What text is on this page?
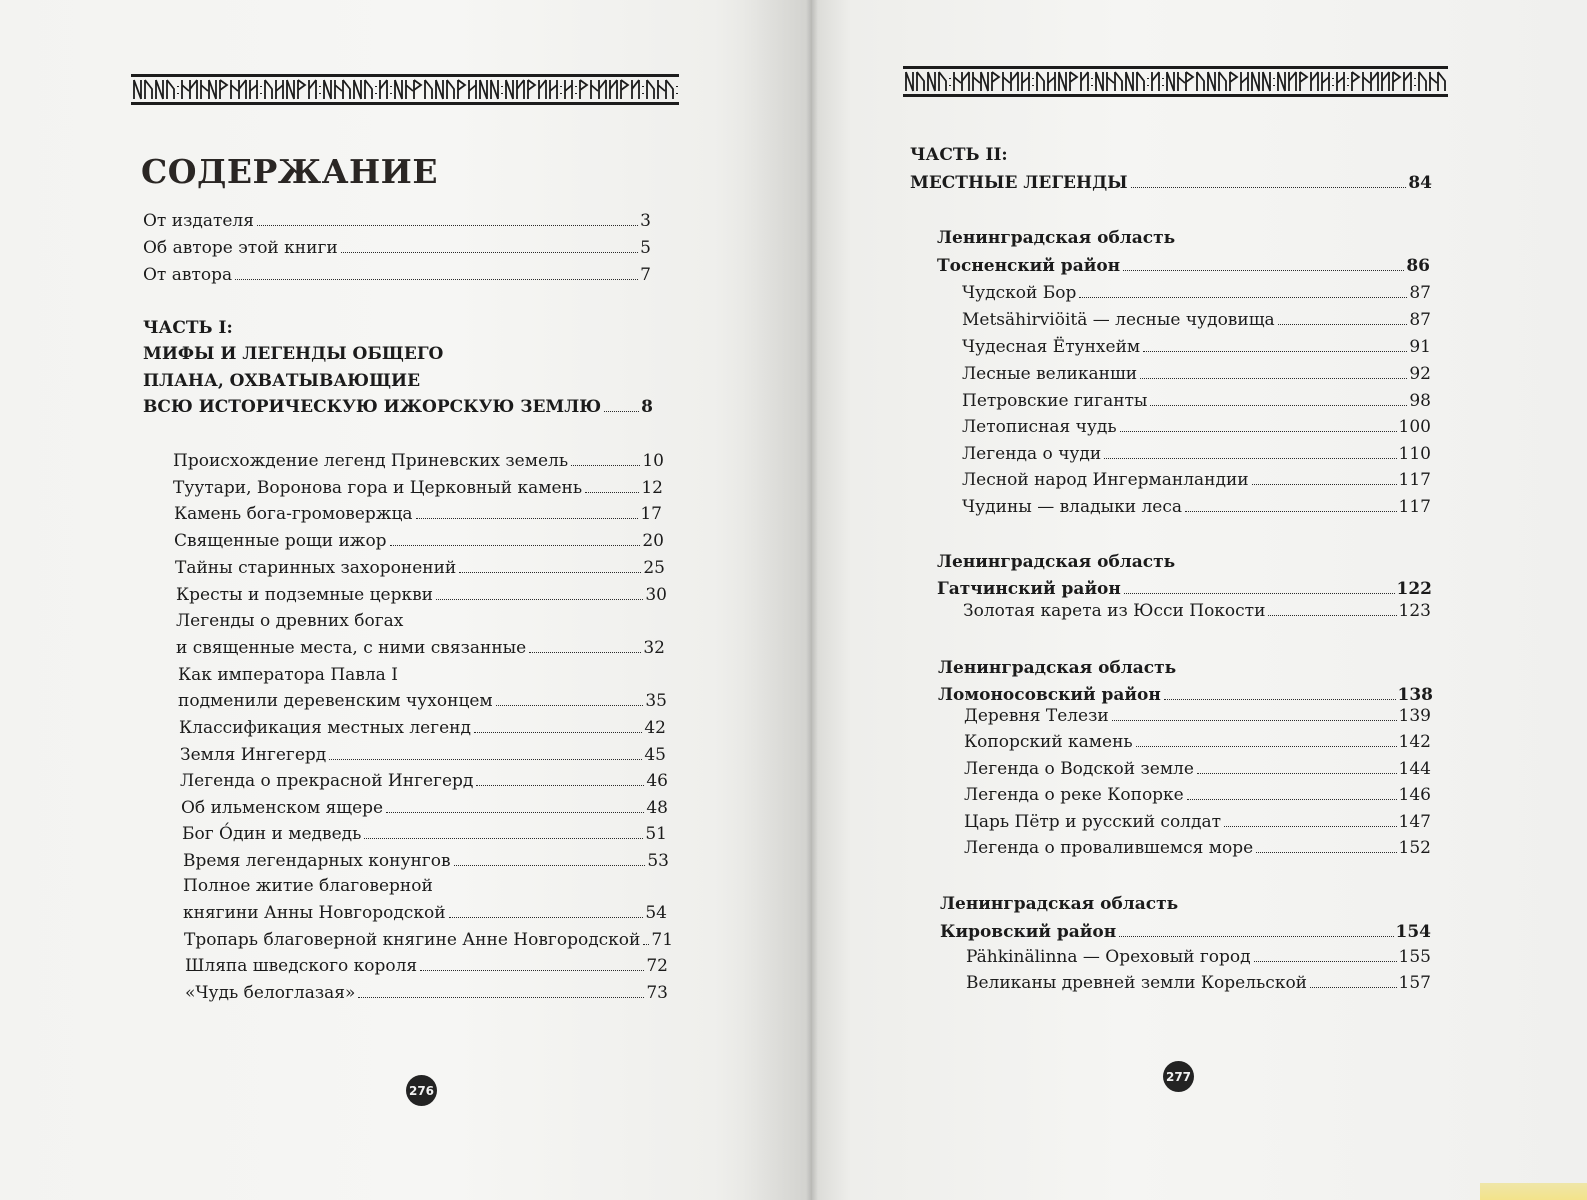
СОДЕРЖАНИЕ
От издателя	3
Об авторе этой книги	5
От автора	7
ЧАСТЬ I:
МИФЫ И ЛЕГЕНДЫ ОБЩЕГО
ПЛАНА, ОХВАТЫВАЮЩИЕ
ВСЮ ИСТОРИЧЕСКУЮ ИЖОРСКУЮ ЗЕМЛЮ 8
Происхождение легенд Приневских земель	10
Туутари, Воронова гора и Церковный камень	12
Камень бога-громовержца	17
Священные рощи ижор	20
Тайны старинных захоронений	25
Кресты и подземные церкви	30
Легенды о древних богах
и священные места, с ними связанные	32
Как императора Павла I
подменили деревенским чухонцем	35
Классификация местных легенд	42
Земля Ингегерд	45
Легенда о прекрасной Ингегерд	46
Об ильменском ящере	48
Бог О́дин и медведь	51
Время легендарных конунгов	53
Полное житие благоверной
княгини Анны Новгородской	54
Тропарь благоверной княгине Анне Новгородской 71
Шляпа шведского короля	72
«Чудь белоглазая»	73
276

ЧАСТЬ II:
МЕСТНЫЕ ЛЕГЕНДЫ	84
Ленинградская область
Тосненский район	86
Чудской Бор	87
Metsähirviöitä — лесные чудовища	87
Чудесная Ётунхейм	91
Лесные великанши	92
Петровские гиганты	98
Летописная чудь	100
Легенда о чуди	110
Лесной народ Ингерманландии	117
Чудины — владыки леса	117
Ленинградская область
Гатчинский район	122
Золотая карета из Юсси Покости	123
Ленинградская область
Ломоносовский район	138
Деревня Телези	139
Копорский камень	142
Легенда о Водской земле	144
Легенда о реке Копорке	146
Царь Пётр и русский солдат	147
Легенда о провалившемся море	152
Ленинградская область
Кировский район	154
Pähkinälinna — Ореховый город	155
Великаны древней земли Корельской	157
277
